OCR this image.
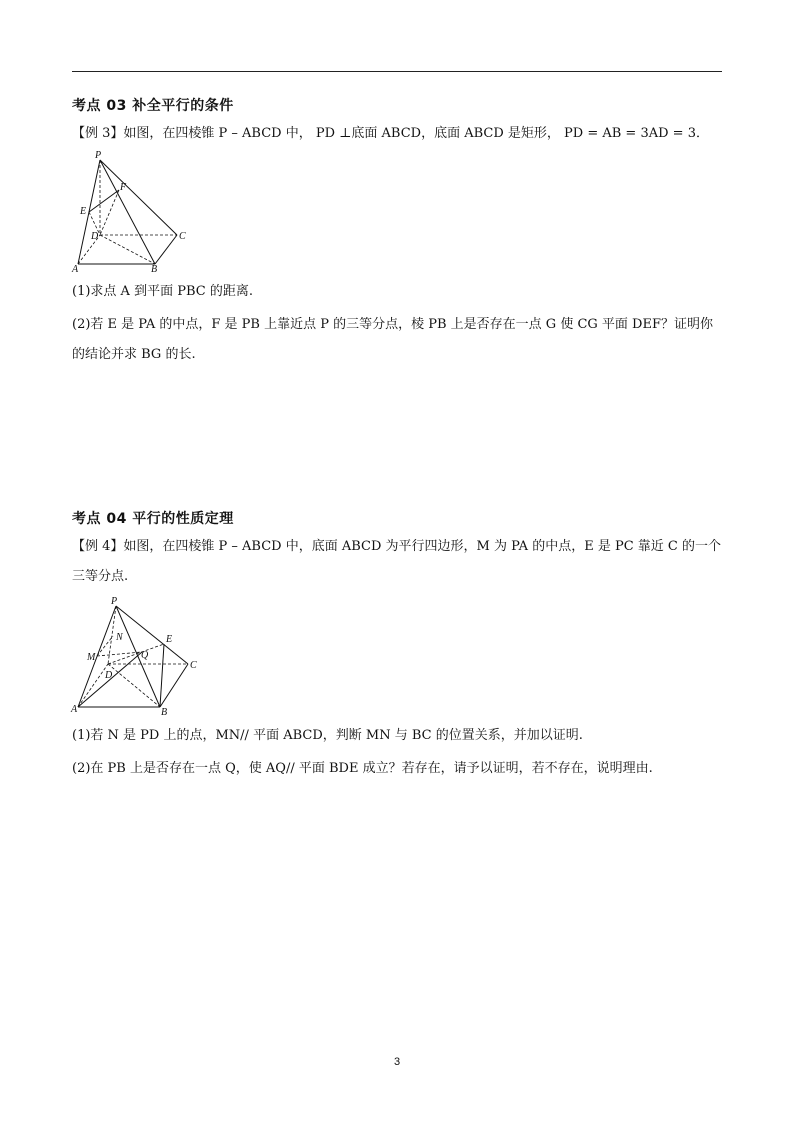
考点 03 补全平行的条件
【例 3】如图，在四棱锥 P – ABCD 中， PD ⊥底面 ABCD，底面 ABCD 是矩形， PD = AB = 3AD = 3．
P
F
E
D	C
A	B
(1)求点 A 到平面 PBC 的距离.
(2)若 E 是 PA 的中点，F 是 PB 上靠近点 P 的三等分点，棱 PB 上是否存在一点 G 使 CG 平面 DEF？证明你
的结论并求 BG 的长.
考点 04 平行的性质定理
【例 4】如图，在四棱锥 P – ABCD 中，底面 ABCD 为平行四边形，M 为 PA 的中点，E 是 PC 靠近 C 的一个
三等分点.
P
N	E
M	Q
C
D
A	B
(1)若 N 是 PD 上的点，MN// 平面 ABCD，判断 MN 与 BC 的位置关系，并加以证明.
(2)在 PB 上是否存在一点 Q，使 AQ// 平面 BDE 成立？若存在，请予以证明，若不存在，说明理由.
3
